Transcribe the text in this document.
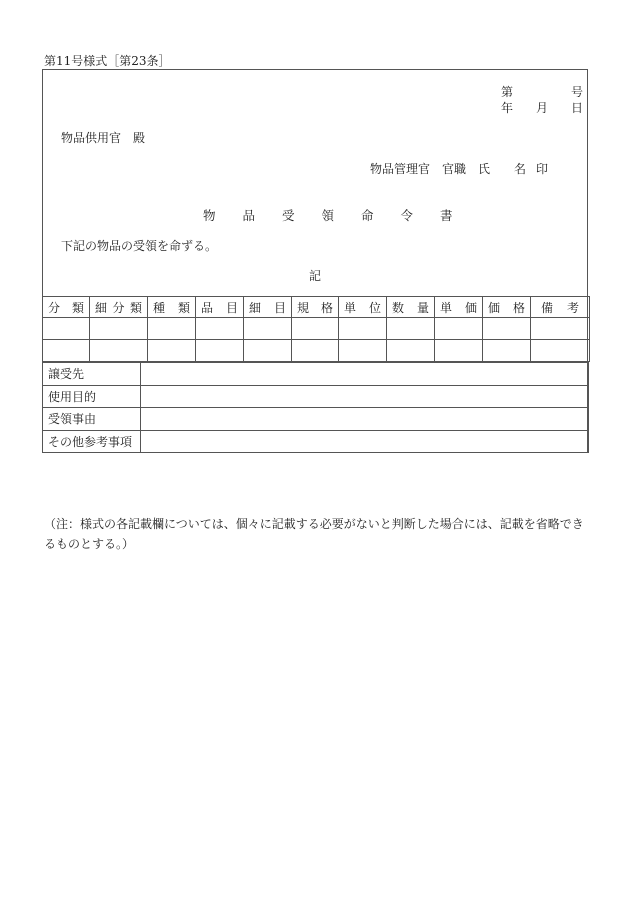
第11号様式［第23条］
第	号
年 月 日
物品供用官　殿
物品管理官　官職　氏　　名 印
物品受領命令書
下記の物品の受領を命ずる。
記
分 類	細 分 類	種 類	品 目	細 目	規 格	単 位	数 量	単 価	価 格	備 考

譲受先	
使用目的	
受領事由	
その他参考事項	
（注：様式の各記載欄については、個々に記載する必要がないと判断した場合には、記載を省略できるものとする。）
